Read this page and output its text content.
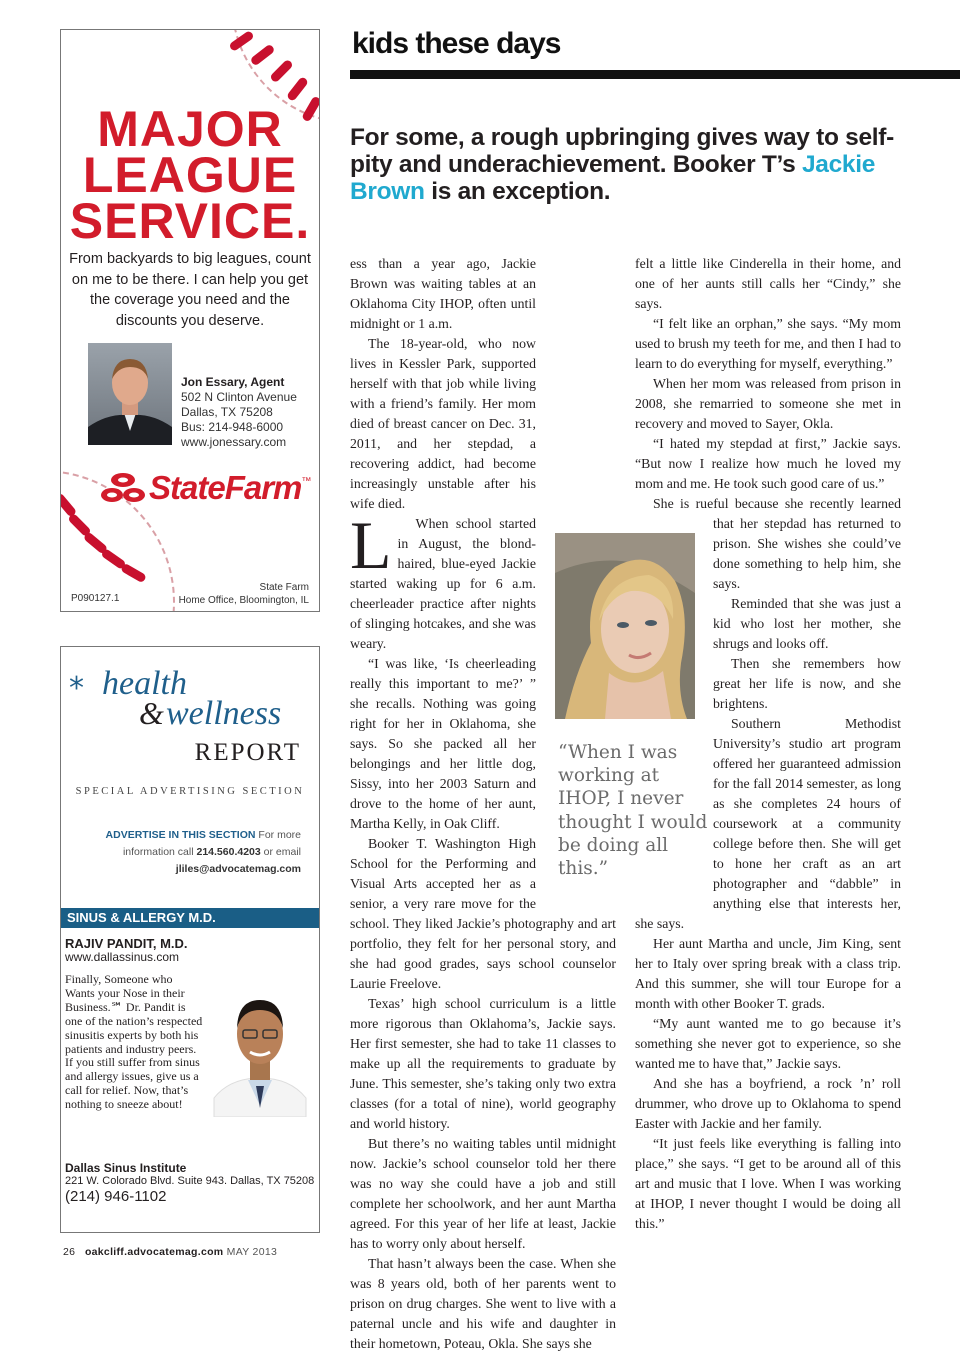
MAJOR
LEAGUE
SERVICE.
From backyards to big leagues, count on me to be there. I can help you get the coverage you need and the discounts you deserve.
Jon Essary, Agent
502 N Clinton Avenue
Dallas, TX 75208
Bus: 214-948-6000
www.jonessary.com
StateFarm ™
P090127.1
State Farm
Home Office, Bloomington, IL
* health
& wellness
REPORT
SPECIAL ADVERTISING SECTION
ADVERTISE IN THIS SECTION For more
information call 214.560.4203 or email
jliles@advocatemag.com
SINUS & ALLERGY M.D.
RAJIV PANDIT, M.D.
www.dallassinus.com
Finally, Someone who Wants your Nose in their Business.℠ Dr. Pandit is one of the nation’s respected sinusitis experts by both his patients and industry peers. If you still suffer from sinus and allergy issues, give us a call for relief. Now, that’s nothing to sneeze about!
Dallas Sinus Institute
221 W. Colorado Blvd. Suite 943. Dallas, TX 75208
(214) 946-1102
26 oakcliff.advocatemag.com MAY 2013
kids these days
For some, a rough upbringing gives way to self-pity and underachievement. Booker T’s Jackie Brown is an exception.

L
ess than a year ago, Jackie Brown was waiting tables at an Oklahoma City IHOP, often until midnight or 1 a.m.

The 18-year-old, who now lives in Kessler Park, supported herself with that job while living with a friend’s family. Her mom died of breast cancer on Dec. 31, 2011, and her stepdad, a recovering addict, had become increasingly unstable after his wife died.

When school started in August, the blond-haired, blue-eyed Jackie started waking up for 6 a.m. cheerleader practice after nights of slinging hotcakes, and she was weary.

“I was like, ‘Is cheerleading really this important to me?’ ” she recalls. Nothing was going right for her in Oklahoma, she says. So she packed all her belongings and her little dog, Sissy, into her 2003 Saturn and drove to the home of her aunt, Martha Kelly, in Oak Cliff.

Booker T. Washington High School for the Performing and Visual Arts accepted her as a senior, a very rare move for the school. They liked Jackie’s photography and art portfolio, they felt for her personal story, and she had good grades, says school counselor Laurie Freelove.

Texas’ high school curriculum is a little more rigorous than Oklahoma’s, Jackie says. Her first semester, she had to take 11 classes to make up all the requirements to graduate by June. This semester, she’s taking only two extra classes (for a total of nine), world geography and world history.

But there’s no waiting tables until midnight now. Jackie’s school counselor told her there was no way she could have a job and still complete her schoolwork, and her aunt Martha agreed. For this year of her life at least, Jackie has to worry only about herself.

That hasn’t always been the case. When she was 8 years old, both of her parents went to prison on drug charges. She went to live with a paternal uncle and his wife and daughter in their hometown, Poteau, Okla. She says she

felt a little like Cinderella in their home, and one of her aunts still calls her “Cindy,” she says.

“I felt like an orphan,” she says. “My mom used to brush my teeth for me, and then I had to learn to do everything for myself, everything.”

When her mom was released from prison in 2008, she remarried to someone she met in recovery and moved to Sayer, Okla.

“I hated my stepdad at first,” Jackie says. “But now I realize how much he loved my mom and me. He took such good care of us.”

She is rueful because she recently learned that her stepdad has returned to prison. She wishes she could’ve done something to help him, she says.

Reminded that she was just a kid who lost her mother, she shrugs and looks off.

Then she remembers how great her life is now, and she brightens.

Southern Methodist University’s studio art program offered her guaranteed admission for the fall 2014 semester, as long as she completes 24 hours of coursework at a community college before then. She will get to hone her craft as an art photographer and “dabble” in anything else that interests her, she says.

Her aunt Martha and uncle, Jim King, sent her to Italy over spring break with a class trip. And this summer, she will tour Europe for a month with other Booker T. grads.

“My aunt wanted me to go because it’s something she never got to experience, so she wanted me to have that,” Jackie says.

And she has a boyfriend, a rock ’n’ roll drummer, who drove up to Oklahoma to spend Easter with Jackie and her family.

“It just feels like everything is falling into place,” she says. “I get to be around all of this art and music that I love. When I was working at IHOP, I never thought I would be doing all this.”

“When I was working at IHOP, I never thought I would be doing all this.”
